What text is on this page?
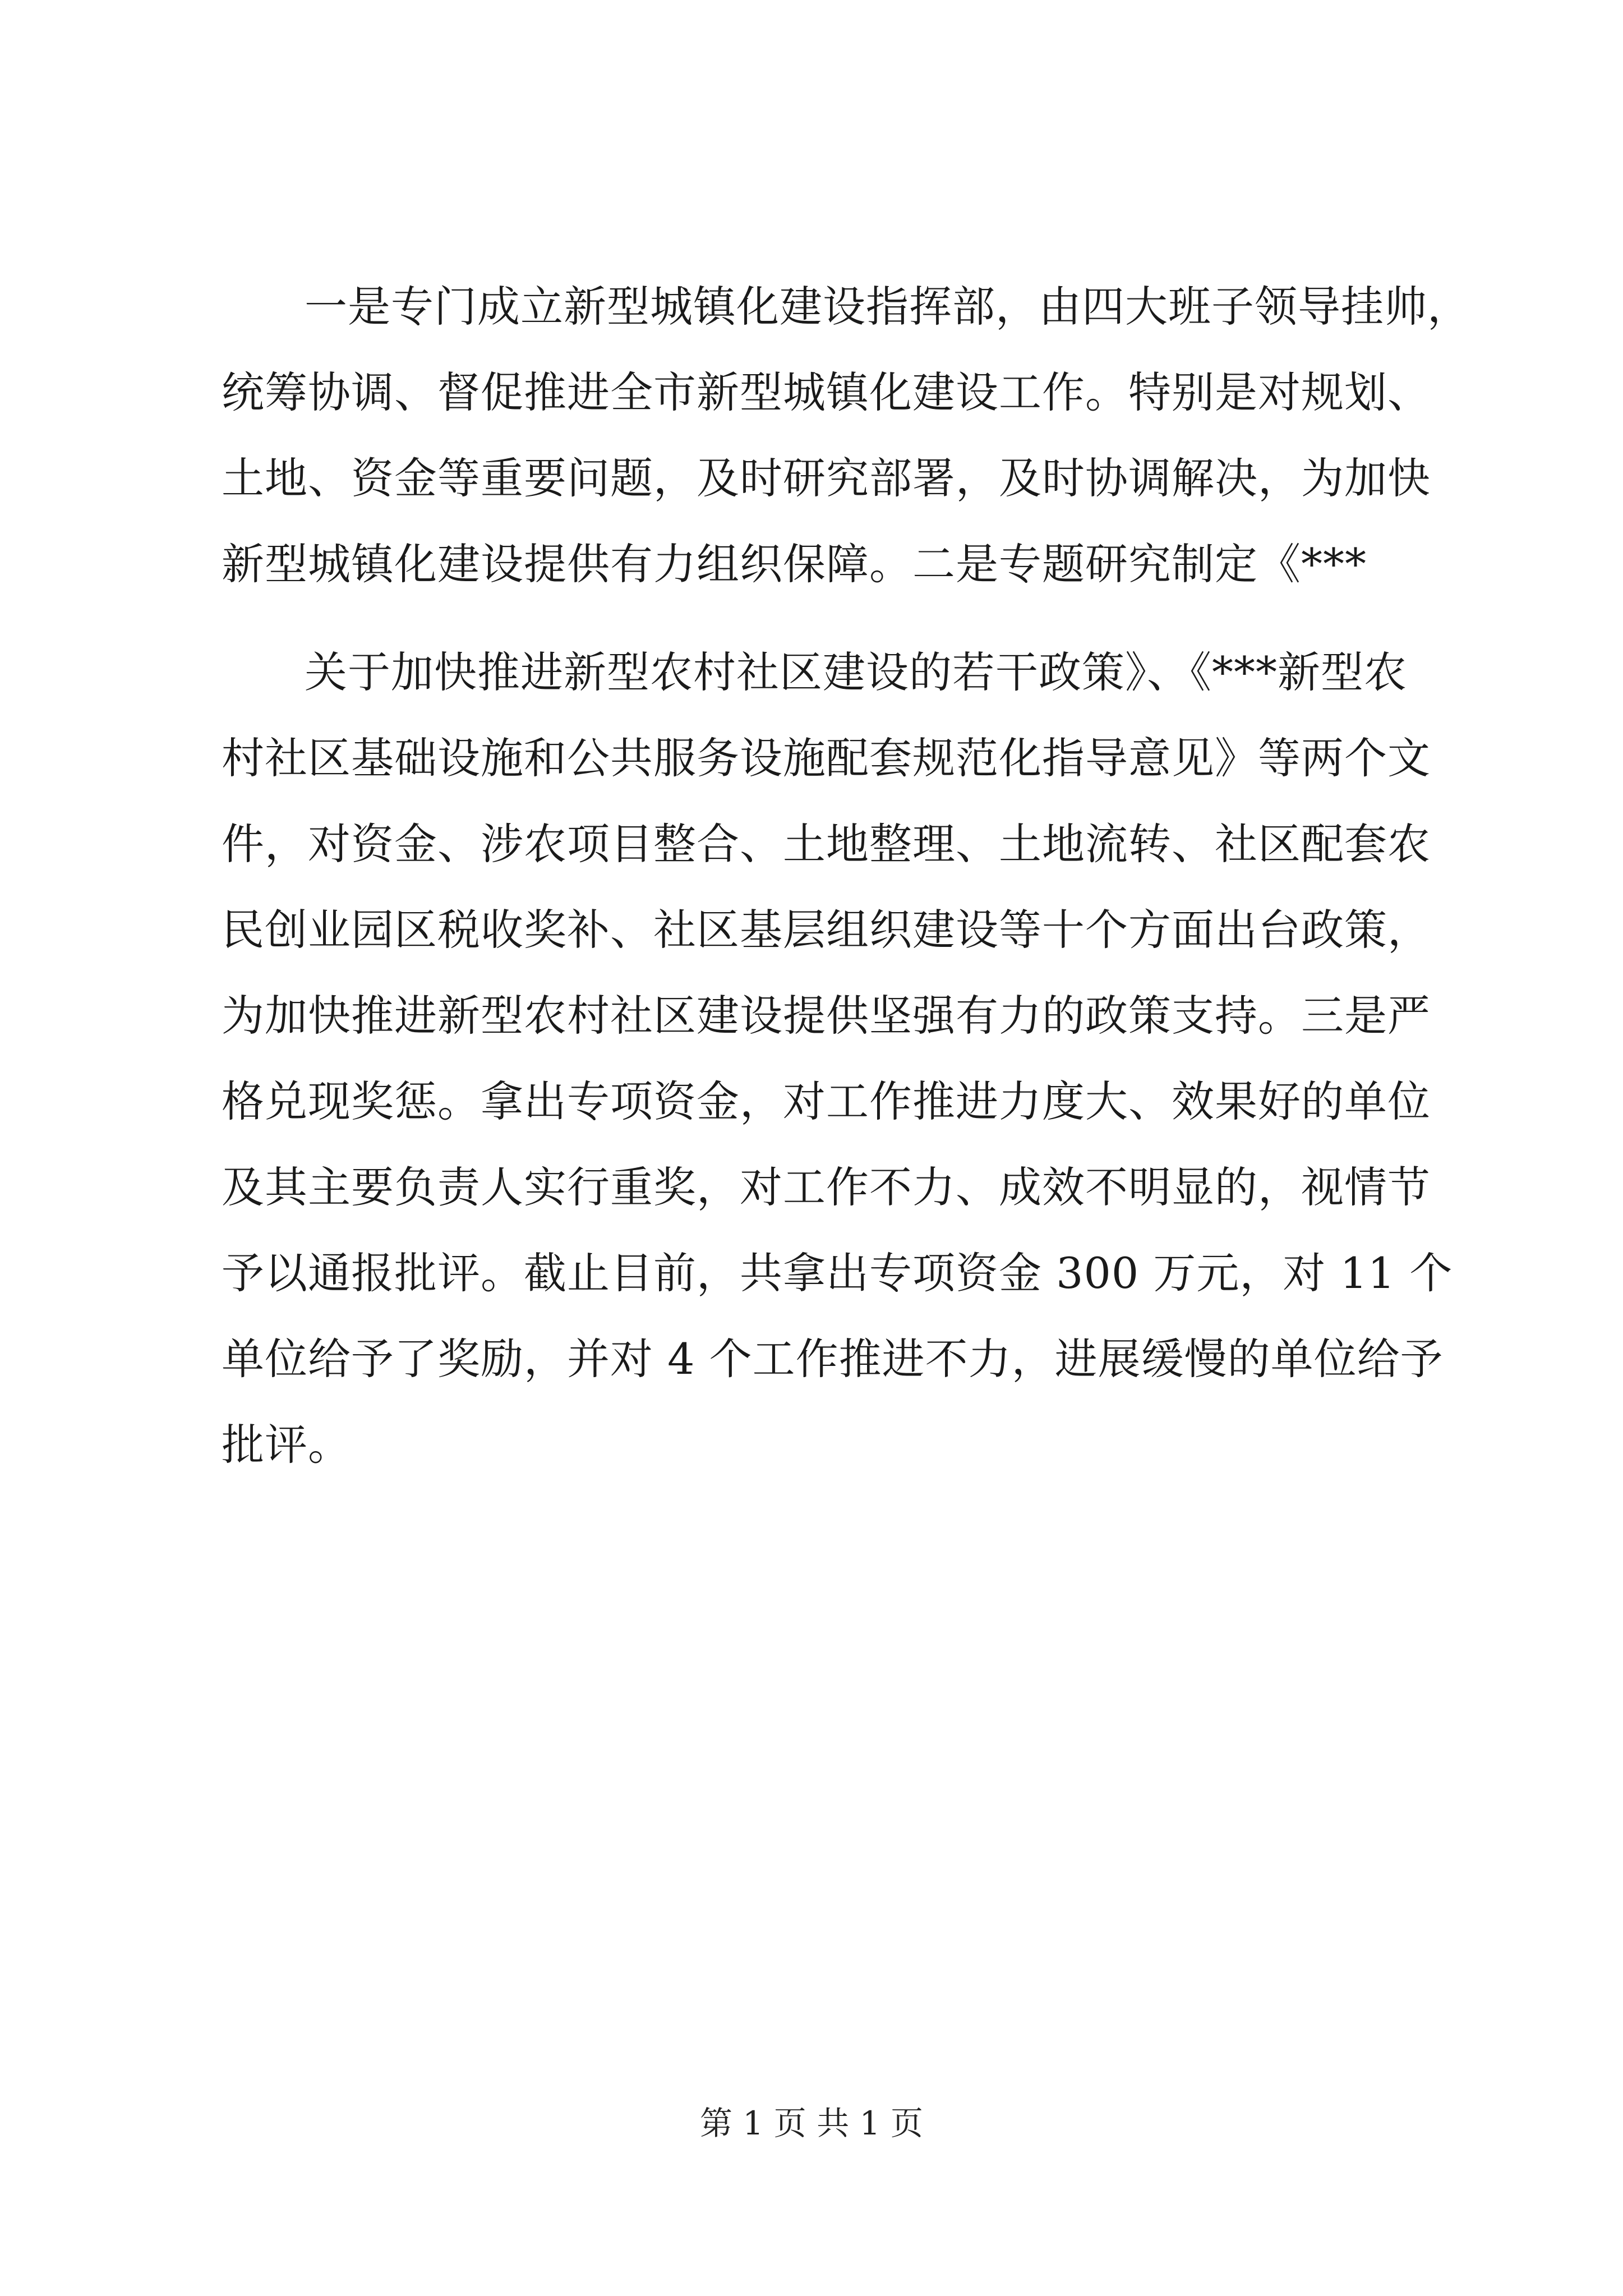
一是专门成立新型城镇化建设指挥部，由四大班子领导挂帅，
统筹协调、督促推进全市新型城镇化建设工作。特别是对规划、
土地、资金等重要问题，及时研究部署，及时协调解决，为加快
新型城镇化建设提供有力组织保障。二是专题研究制定《***
关于加快推进新型农村社区建设的若干政策》、《***新型农
村社区基础设施和公共服务设施配套规范化指导意见》等两个文
件，对资金、涉农项目整合、土地整理、土地流转、社区配套农
民创业园区税收奖补、社区基层组织建设等十个方面出台政策，
为加快推进新型农村社区建设提供坚强有力的政策支持。三是严
格兑现奖惩。拿出专项资金，对工作推进力度大、效果好的单位
及其主要负责人实行重奖，对工作不力、成效不明显的，视情节
予以通报批评。截止目前，共拿出专项资金 300 万元，对 11 个
单位给予了奖励，并对 4 个工作推进不力，进展缓慢的单位给予
批评。
第 1 页 共 1 页
